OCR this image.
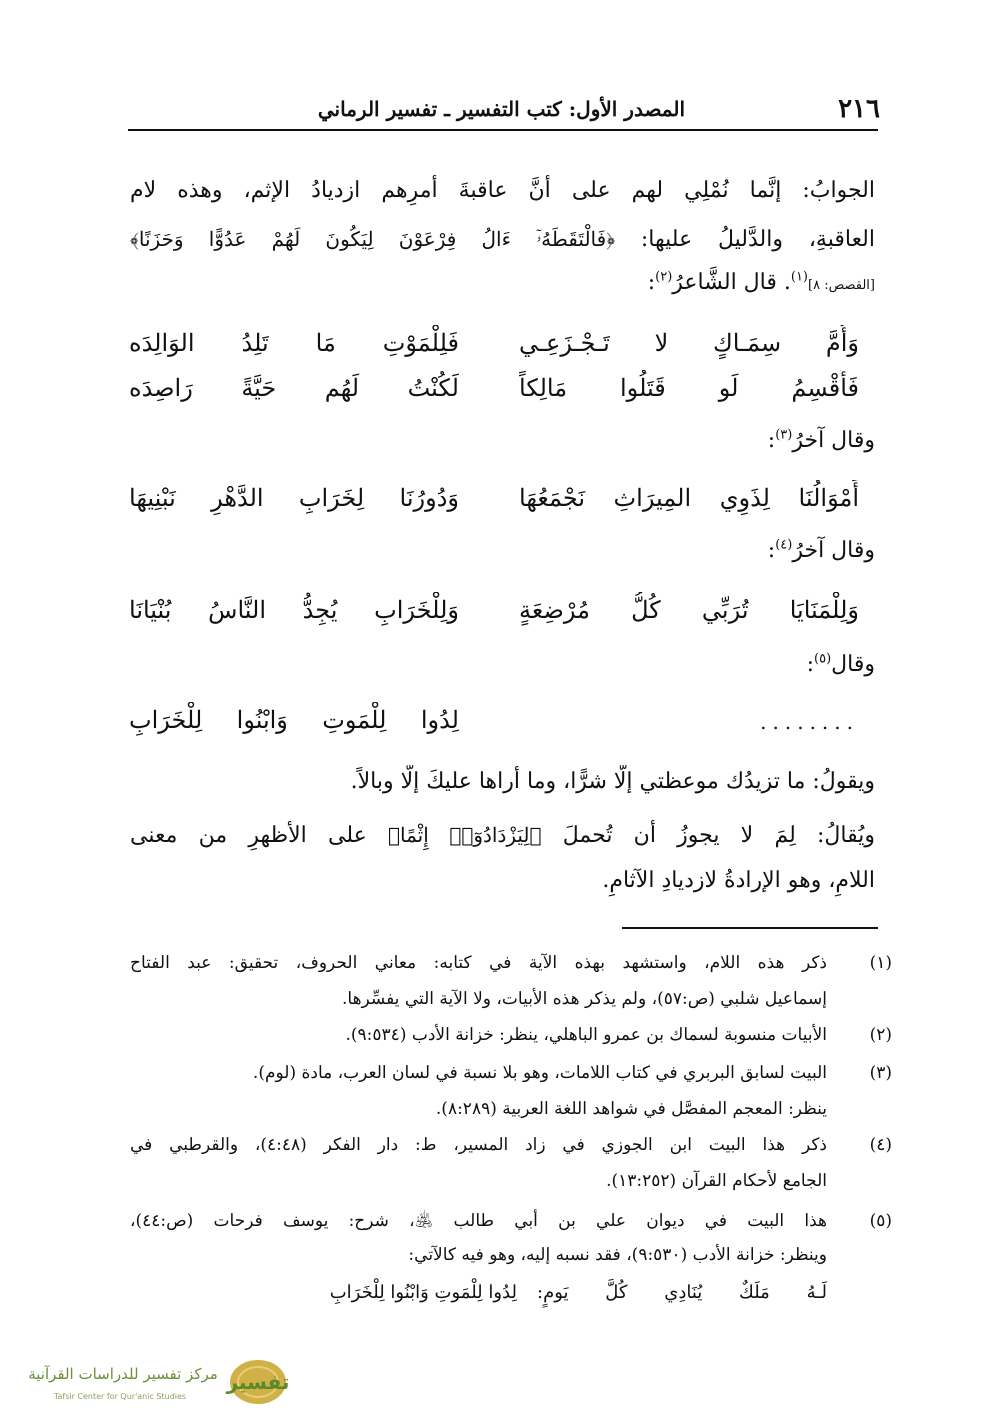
٢١٦
المصدر الأول: كتب التفسير ـ تفسير الرماني
الجوابُ: إنَّما نُمْلِي لهم على أنَّ عاقبةَ أمرِهم ازديادُ الإثم، وهذه لام
العاقبةِ، والدَّليلُ عليها: ﴿فَالْتَقَطَهُۥٓ ءَالُ فِرْعَوْنَ لِيَكُونَ لَهُمْ عَدُوًّا وَحَزَنًا﴾
[القصص: ٨]$^{(١)}$. قال الشَّاعرُ$^{(٢)}$:
وَأُمَّ سِمَـاكٍ لا تَـجْـزَعِـي
فَلِلْمَوْتِ مَا تَلِدُ الوَالِدَه
فَأَقْسِمُ لَو قَتَلُوا مَالِكاً
لَكُنْتُ لَهُم حَيَّةً رَاصِدَه
وقال آخرُ$^{(٣)}$:
أَمْوَالُنَا لِذَوِي المِيرَاثِ نَجْمَعُهَا
وَدُورُنَا لِخَرَابِ الدَّهْرِ نَبْنِيهَا
وقال آخرُ$^{(٤)}$:
وَلِلْمَنَايَا تُرَبِّي كُلُّ مُرْضِعَةٍ
وَلِلْخَرَابِ يُجِدُّ النَّاسُ بُنْيَانَا
وقال$^{(٥)}$:
........
لِدُوا لِلْمَوتِ وَابْنُوا لِلْخَرَابِ
ويقولُ: ما تزيدُك موعظتي إلَّا شرًّا، وما أراها عليكَ إلَّا وبالاً.
ويُقالُ: لِمَ لا يجوزُ أن تُحملَ ﴿لِيَزْدَادُوٓا۟ إِثْمًا﴾ على الأظهرِ من معنى
اللامِ، وهو الإرادةُ لازديادِ الآثامِ.
(١)
ذكر هذه اللام، واستشهد بهذه الآية في كتابه: معاني الحروف، تحقيق: عبد الفتاح
إسماعيل شلبي (ص:٥٧)، ولم يذكر هذه الأبيات، ولا الآية التي يفسِّرها.
(٢)
الأبيات منسوبة لسماك بن عمرو الباهلي، ينظر: خزانة الأدب (٩:٥٣٤).
(٣)
البيت لسابق البربري في كتاب اللامات، وهو بلا نسبة في لسان العرب، مادة (لوم).
ينظر: المعجم المفصَّل في شواهد اللغة العربية (٨:٢٨٩).
(٤)
ذكر هذا البيت ابن الجوزي في زاد المسير، ط: دار الفكر (٤:٤٨)، والقرطبي في
الجامع لأحكام القرآن (١٣:٢٥٢).
(٥)
هذا البيت في ديوان علي بن أبي طالب ﵁، شرح: يوسف فرحات (ص:٤٤)،
وينظر: خزانة الأدب (٩:٥٣٠)، فقد نسبه إليه، وهو فيه كالآتي:
لَـهُ مَلَكٌ يُنَادِي كُلَّ يَومٍ:
لِدُوا لِلْمَوتِ وَابْنُوا لِلْخَرَابِ
تفسير
مركز تفسير للدراسات القرآنية
Tafsir Center for Qur'anic Studies
